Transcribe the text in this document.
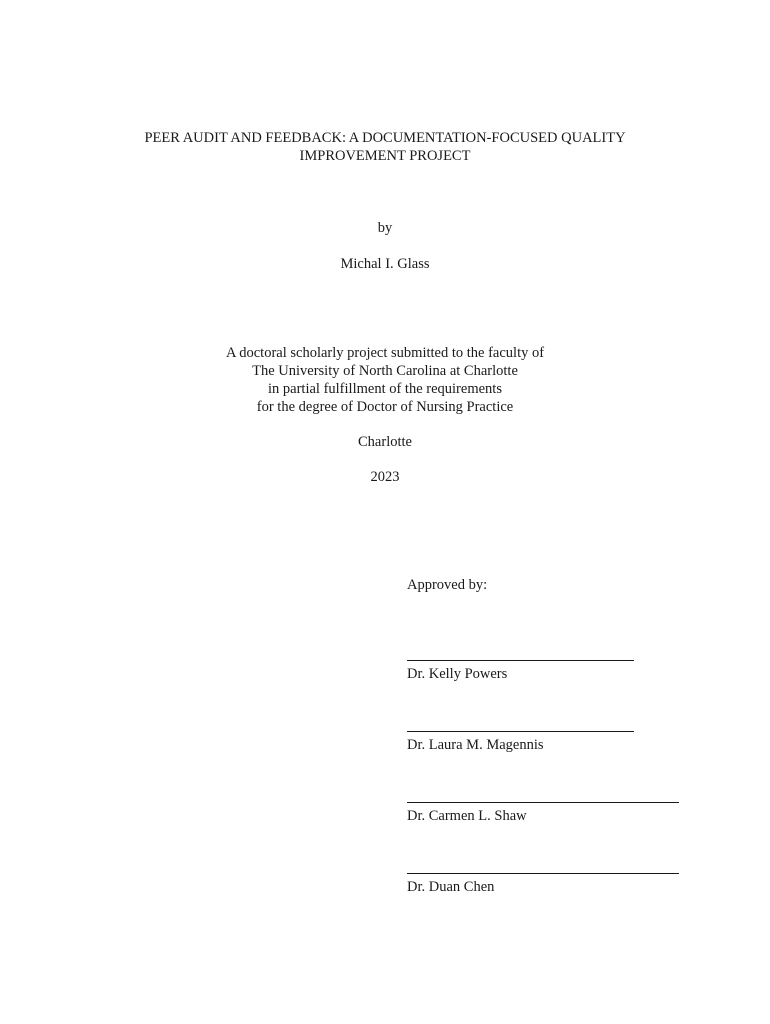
PEER AUDIT AND FEEDBACK: A DOCUMENTATION-FOCUSED QUALITY
IMPROVEMENT PROJECT
by
Michal I. Glass
A doctoral scholarly project submitted to the faculty of
The University of North Carolina at Charlotte
in partial fulfillment of the requirements
for the degree of Doctor of Nursing Practice
Charlotte
2023
Approved by:
Dr. Kelly Powers
Dr. Laura M. Magennis
Dr. Carmen L. Shaw
Dr. Duan Chen
